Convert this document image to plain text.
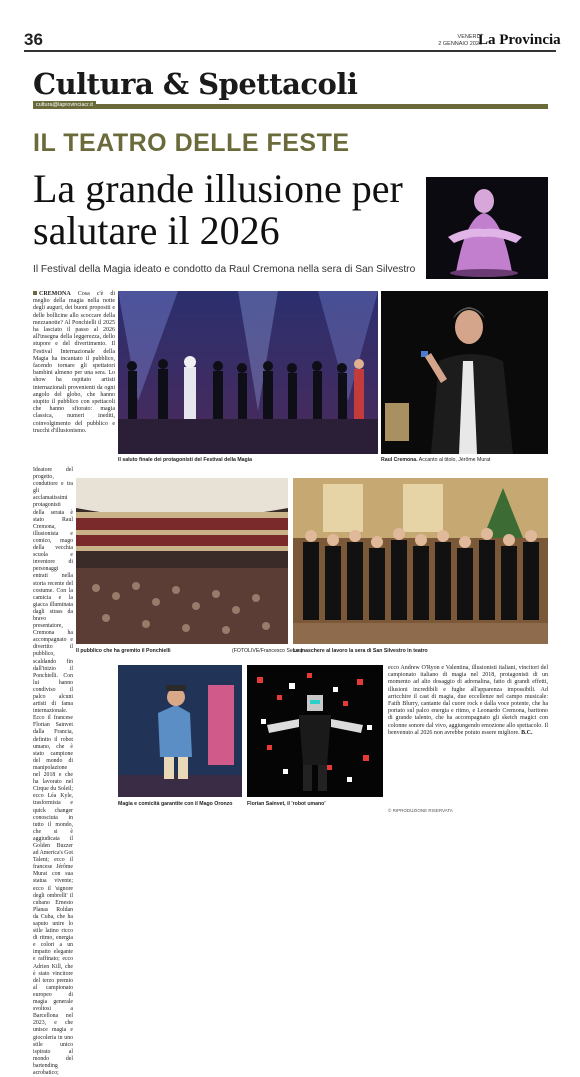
36	VENERDÌ
2 GENNAIO 2026
La Provincia
Cultura & Spettacoli
cultura@laprovinciacr.it
IL TEATRO DELLE FESTE
La grande illusione per salutare il 2026
Il Festival della Magia ideato e condotto da Raul Cremona nella sera di San Silvestro
CREMONA Cosa c'è di meglio della magia nella notte degli auguri, dei buoni propositi e delle bollicine allo scoccare della mezzanotte? Al Ponchielli il 2025 ha lasciato il passo al 2026 all'insegna della leggerezza, dello stupore e del divertimento. Il Festival Internazionale della Magia ha incantato il pubblico, facendo tornare gli spettatori bambini almeno per una sera. Lo show ha ospitato artisti internazionali provenienti da ogni angolo del globo, che hanno stupito il pubblico con spettacoli che hanno sfiorato: magia classica, numeri inediti, coinvolgimento del pubblico e trucchi d'illusionismo.
Il saluto finale dei protagonisti del Festival della Magia	Raul Cremona. Accanto al titolo, Jérôme Murat
Ideatore del progetto, conduttore e tra gli acclamatissimi protagonisti della serata è stato Raul Cremona, illusionista e comico, mago della vecchia scuola e inventore di personaggi entrati nella storia recente del costume. Con la camicia e la giacca illuminata dagli strass da bravo presentatore, Cremona ha accompagnato e divertito il pubblico, scaldando fin dall'inizio il Ponchielli. Con lui hanno condiviso il palco alcuni artisti di fama internazionale. Ecco il francese Florian Sainvet dalla Francia, definito il robot umano, che è stato campione del mondo di manipolazione nel 2018 e che ha lavorato nel Cirque du Soleil; ecco Léa Kyle, trasformista e quick changer conosciuta in tutto il mondo, che si è aggiudicata il Golden Buzzer ad America's Got Talent; ecco il francese Jérôme Murat con sua statua vivente; ecco il 'signore degli ombrelli' il cubano Ernesto Planas Roldan da Cuba, che ha saputo unire lo stile latino ricco di ritmo, energia e colori a un impatto elegante e raffinato; ecco Adrien Kill, che è stato vincitore del terzo premio al campionato europeo di magia generale svoltosi a Barcellona nel 2023, e che unisce magia e giocoleria in uno stile unico ispirato al mondo del bartending acrobatico;
Il pubblico che ha gremito il Ponchielli	(FOTOLIVE/Francesco Sessa)
Le maschere al lavoro la sera di San Silvestro in teatro
Magia e comicità garantite con il Mago Oronzo	Florian Sainvet, il 'robot umano'
ecco Andrew O'Ryon e Valentina, illusionisti italiani, vincitori del campionato italiano di magia nel 2018, protagonisti di un momento ad alto dosaggio di adrenalina, fatto di grandi effetti, illusioni incredibili e fughe all'apparenza impossibili. Ad arricchire il cast di magia, due eccellenze nel campo musicale: Faith Blurry, cantante dal cuore rock e dalla voce potente, che ha portato sul palco energia e ritmo, e Leonardo Cremona, baritono di grande talento, che ha accompagnato gli sketch magici con colonne sonore dal vivo, aggiungendo emozione allo spettacolo. Il benvenuto al 2026 non avrebbe potuto essere migliore. B.C.
© RIPRODUZIONE RISERVATA
